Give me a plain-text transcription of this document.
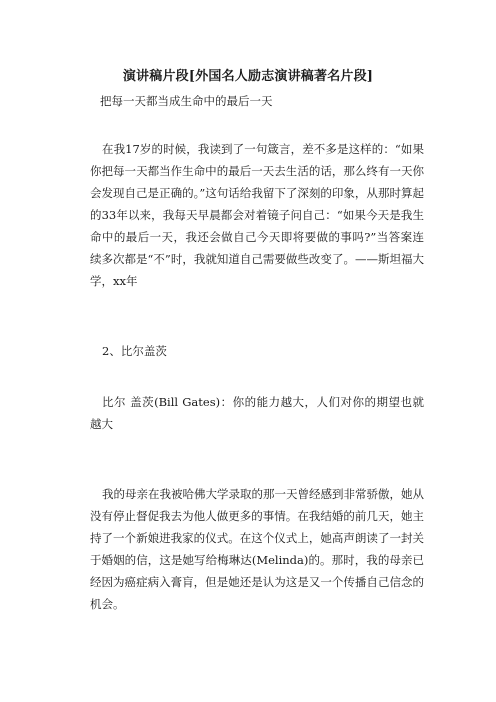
演讲稿片段[外国名人励志演讲稿著名片段]

把每一天都当成生命中的最后一天

在我17岁的时候，我读到了一句箴言，差不多是这样的：“如果你把每一天都当作生命中的最后一天去生活的话，那么终有一天你会发现自己是正确的。”这句话给我留下了深刻的印象，从那时算起的33年以来，我每天早晨都会对着镜子问自己：“如果今天是我生命中的最后一天，我还会做自己今天即将要做的事吗?”当答案连续多次都是“不”时，我就知道自己需要做些改变了。——斯坦福大学，xx年

2、比尔盖茨

比尔 盖茨(Bill Gates)：你的能力越大，人们对你的期望也就越大

我的母亲在我被哈佛大学录取的那一天曾经感到非常骄傲，她从没有停止督促我去为他人做更多的事情。在我结婚的前几天，她主持了一个新娘进我家的仪式。在这个仪式上，她高声朗读了一封关于婚姻的信，这是她写给梅琳达(Melinda)的。那时，我的母亲已经因为癌症病入膏肓，但是她还是认为这是又一个传播自己信念的机会。
